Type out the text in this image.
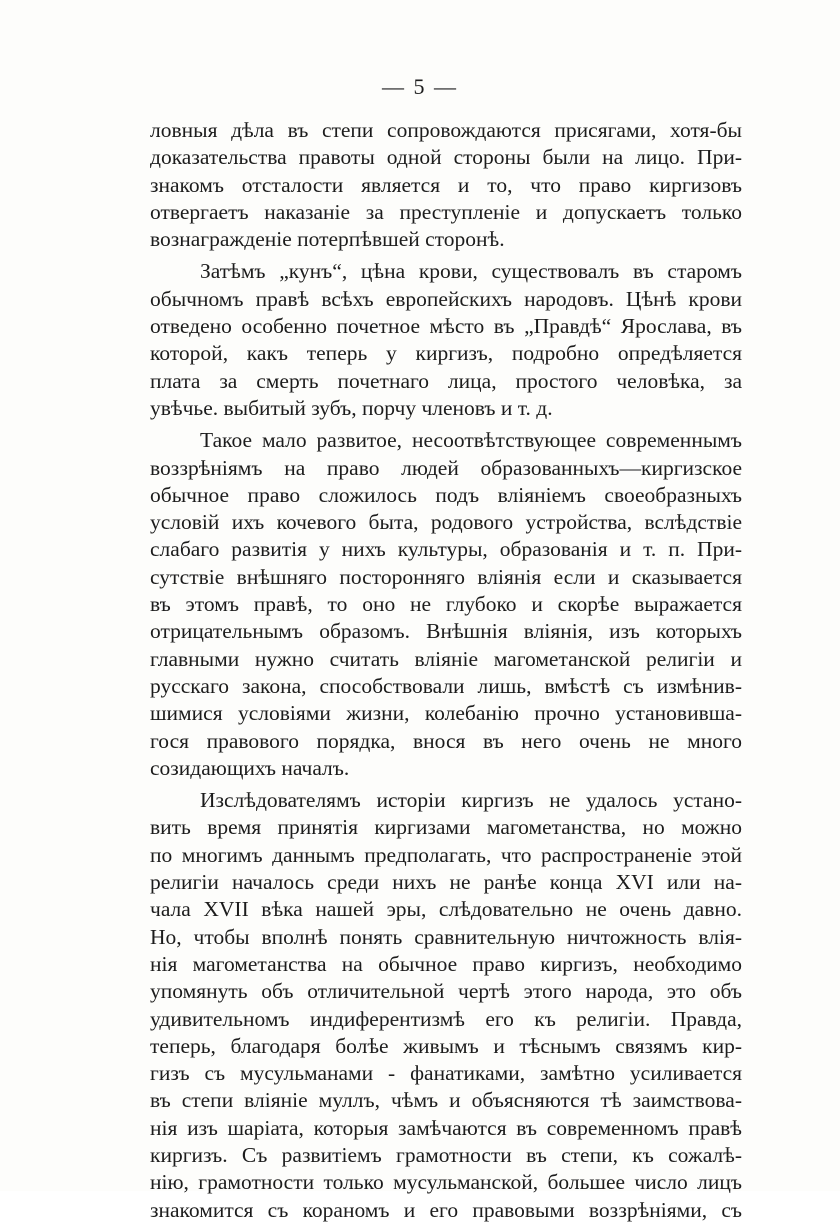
— 5 —
ловныя дѣла въ степи сопровождаются присягами, хотя-бы
доказательства правоты одной стороны были на лицо. При-
знакомъ отсталости является и то, что право киргизовъ
отвергаетъ наказаніе за преступленіе и допускаетъ только
вознагражденіе потерпѣвшей сторонѣ.
Затѣмъ „кунъ“, цѣна крови, существовалъ въ старомъ
обычномъ правѣ всѣхъ европейскихъ народовъ. Цѣнѣ крови
отведено особенно почетное мѣсто въ „Правдѣ“ Ярослава, въ
которой, какъ теперь у киргизъ, подробно опредѣляется
плата за смерть почетнаго лица, простого человѣка, за
увѣчье. выбитый зубъ, порчу членовъ и т. д.
Такое мало развитое, несоотвѣтствующее современнымъ
воззрѣніямъ на право людей образованныхъ—киргизское
обычное право сложилось подъ вліяніемъ своеобразныхъ
условій ихъ кочевого быта, родового устройства, вслѣдствіе
слабаго развитія у нихъ культуры, образованія и т. п. При-
сутствіе внѣшняго посторонняго вліянія если и сказывается
въ этомъ правѣ, то оно не глубоко и скорѣе выражается
отрицательнымъ образомъ. Внѣшнія вліянія, изъ которыхъ
главными нужно считать вліяніе магометанской религіи и
русскаго закона, способствовали лишь, вмѣстѣ съ измѣнив-
шимися условіями жизни, колебанію прочно установивша-
гося правового порядка, внося въ него очень не много
созидающихъ началъ.
Изслѣдователямъ исторіи киргизъ не удалось устано-
вить время принятія киргизами магометанства, но можно
по многимъ даннымъ предполагать, что распространеніе этой
религіи началось среди нихъ не ранѣе конца XVI или на-
чала XVII вѣка нашей эры, слѣдовательно не очень давно.
Но, чтобы вполнѣ понять сравнительную ничтожность влія-
нія магометанства на обычное право киргизъ, необходимо
упомянуть объ отличительной чертѣ этого народа, это объ
удивительномъ индиферентизмѣ его къ религіи. Правда,
теперь, благодаря болѣе живымъ и тѣснымъ связямъ кир-
гизъ съ мусульманами - фанатиками, замѣтно усиливается
въ степи вліяніе муллъ, чѣмъ и объясняются тѣ заимствова-
нія изъ шаріата, которыя замѣчаются въ современномъ правѣ
киргизъ. Съ развитіемъ грамотности въ степи, къ сожалѣ-
нію, грамотности только мусульманской, большее число лицъ
знакомится съ кораномъ и его правовыми воззрѣніями, съ
